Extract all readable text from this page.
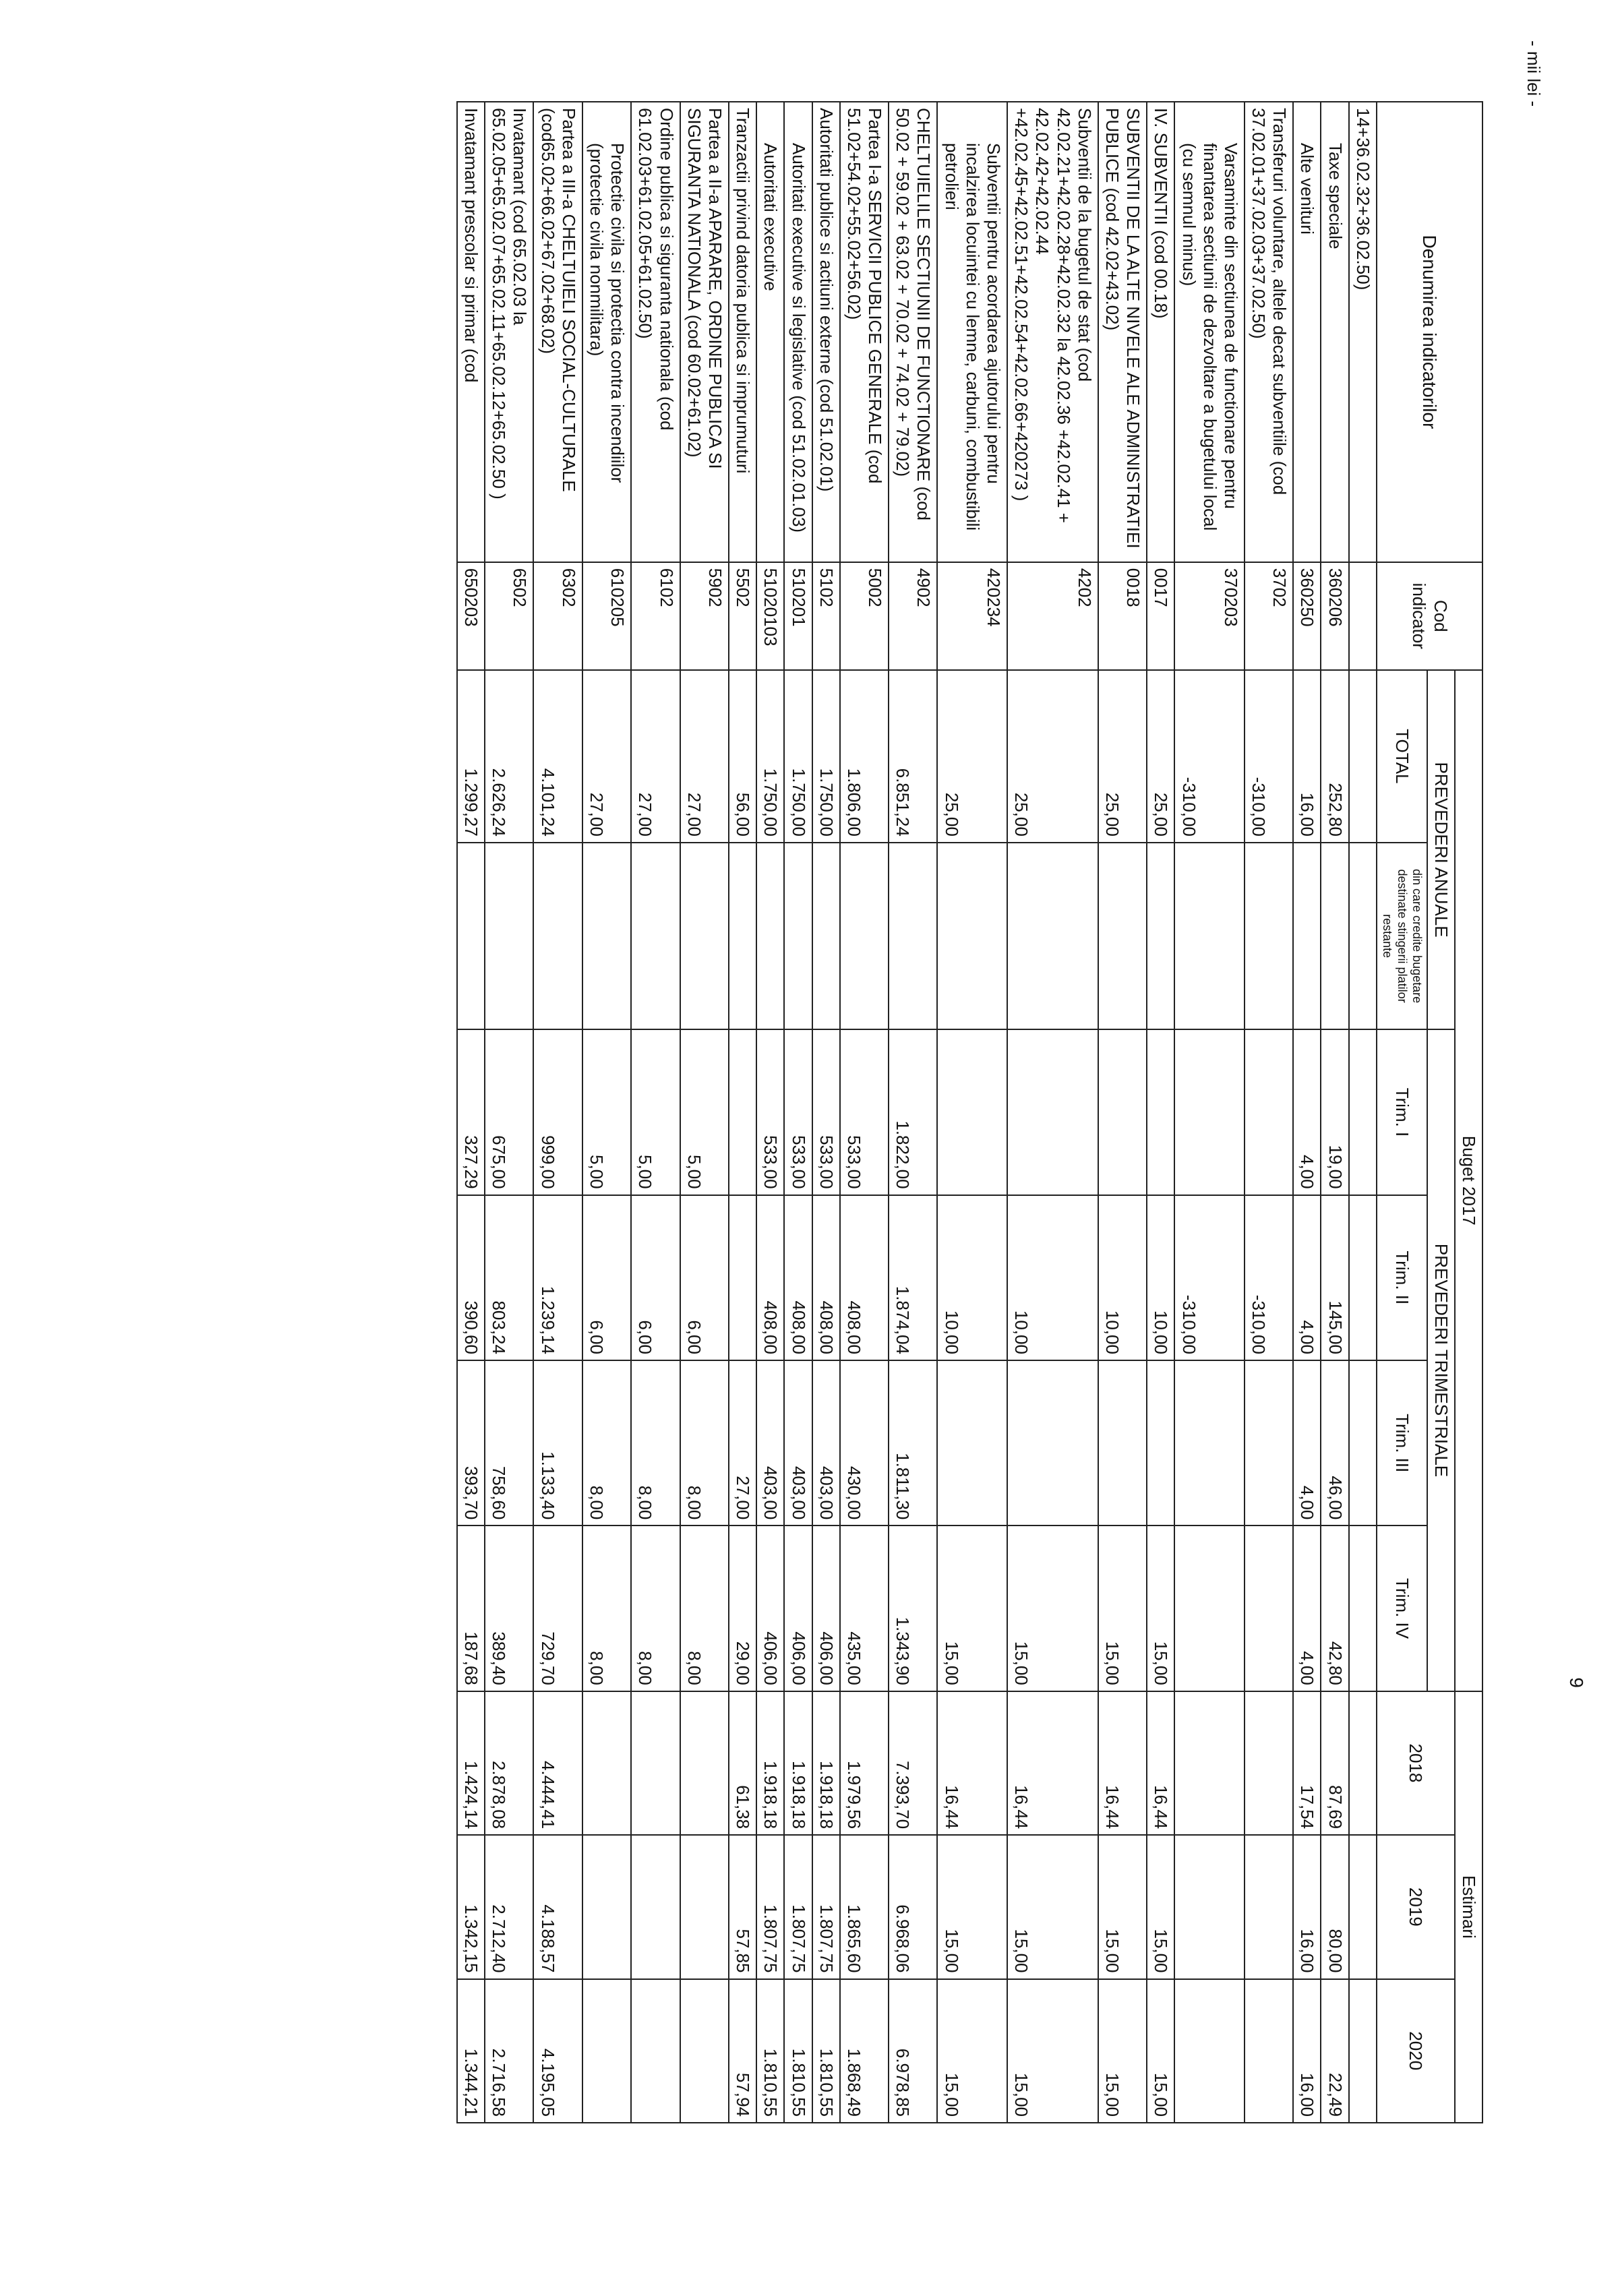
- mii lei -
Denumirea indicatorilor	Cod indicator	Buget 2017						Estimari		
		PREVEDERI ANUALE		PREVEDERI TRIMESTRIALE				2018	2019	2020
		TOTAL	din care credite bugetare destinate stingerii platilor restante	Trim. I	Trim. II	Trim. III	Trim. IV			
14+36.02.32+36.02.50)										
Taxe speciale	360206	252,80		19,00	145,00	46,00	42,80	87,69	80,00	22,49
Alte venituri	360250	16,00		4,00	4,00	4,00	4,00	17,54	16,00	16,00
Transferuri voluntare, altele decat subventiile (cod 37.02.01+37.02.03+37.02.50)	3702	-310,00			-310,00					
Varsaminte din sectiunea de functionare pentru finantarea sectiunii de dezvoltare a bugetului local (cu semnul minus)	370203	-310,00			-310,00					
IV. SUBVENTII (cod 00.18)	0017	25,00			10,00		15,00	16,44	15,00	15,00
SUBVENTII DE LA ALTE NIVELE ALE ADMINISTRATIEI PUBLICE (cod 42.02+43.02)	0018	25,00			10,00		15,00	16,44	15,00	15,00
Subventii de la bugetul de stat (cod 42.02.21+42.02.28+42.02.32 la 42.02.36 +42.02.41 + 42.02.42+42.02.44 +42.02.45+42.02.51+42.02.54+42.02.66+420273 )	4202	25,00			10,00		15,00	16,44	15,00	15,00
Subventii pentru acordarea ajutorului pentru incalzirea locuintei cu lemne, carbuni, combustibili petrolieri	420234	25,00			10,00		15,00	16,44	15,00	15,00
CHELTUIELILE SECTIUNII DE FUNCTIONARE (cod 50.02 + 59.02 + 63.02 + 70.02 + 74.02 + 79.02)	4902	6.851,24		1.822,00	1.874,04	1.811,30	1.343,90	7.393,70	6.968,06	6.978,85
Partea I-a SERVICII PUBLICE GENERALE (cod 51.02+54.02+55.02+56.02)	5002	1.806,00		533,00	408,00	430,00	435,00	1.979,56	1.865,60	1.868,49
Autoritati publice si actiuni externe (cod 51.02.01)	5102	1.750,00		533,00	408,00	403,00	406,00	1.918,18	1.807,75	1.810,55
Autoritati executive si legislative (cod 51.02.01.03)	510201	1.750,00		533,00	408,00	403,00	406,00	1.918,18	1.807,75	1.810,55
Autoritati executive	51020103	1.750,00		533,00	408,00	403,00	406,00	1.918,18	1.807,75	1.810,55
Tranzactii privind datoria publica si imprumuturi	5502	56,00				27,00	29,00	61,38	57,85	57,94
Partea a II-a APARARE, ORDINE PUBLICA SI SIGURANTA NATIONALA (cod 60.02+61.02)	5902	27,00		5,00	6,00	8,00	8,00			
Ordine publica si siguranta nationala (cod 61.02.03+61.02.05+61.02.50)	6102	27,00		5,00	6,00	8,00	8,00			
Protectie civila si protectia contra incendiilor (protectie civila nonmilitara)	610205	27,00		5,00	6,00	8,00	8,00			
Partea a III-a CHELTUIELI SOCIAL-CULTURALE (cod65.02+66.02+67.02+68.02)	6302	4.101,24		999,00	1.239,14	1.133,40	729,70	4.444,41	4.188,57	4.195,05
Invatamant (cod 65.02.03 la 65.02.05+65.02.07+65.02.11+65.02.12+65.02.50 )	6502	2.626,24		675,00	803,24	758,60	389,40	2.878,08	2.712,40	2.716,58
Invatamant prescolar si primar (cod	650203	1.299,27		327,29	390,60	393,70	187,68	1.424,14	1.342,15	1.344,21
9
